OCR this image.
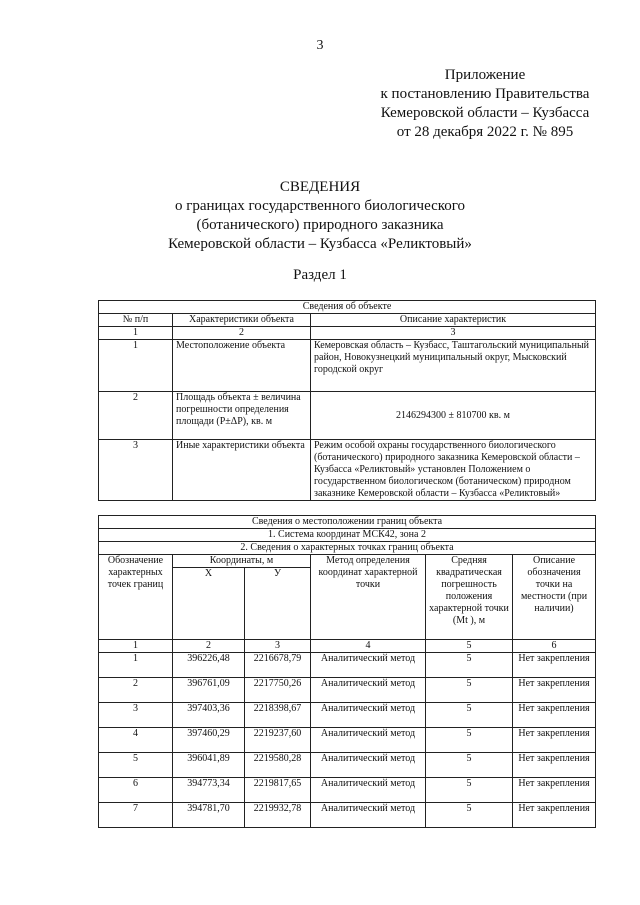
3
Приложение
к постановлению Правительства
Кемеровской области – Кузбасса
от 28 декабря 2022 г. № 895
СВЕДЕНИЯ
о границах государственного биологического
(ботанического) природного заказника
Кемеровской области – Кузбасса «Реликтовый»
Раздел 1
Сведения об объекте		
№ п/п	Характеристики объекта	Описание характеристик
1	2	3
1	Местоположение объекта	Кемеровская область – Кузбасс, Таштагольский муниципальный район, Новокузнецкий муниципальный округ, Мысковский городской округ
2	Площадь объекта ± величина погрешности определения площади (P±ΔP), кв. м	2146294300 ± 810700 кв. м
3	Иные характеристики объекта	Режим особой охраны государственного биологического (ботанического) природного заказника Кемеровской области – Кузбасса «Реликтовый» установлен Положением о государственном биологическом (ботаническом) природном заказнике Кемеровской области – Кузбасса «Реликтовый»
Сведения о местоположении границ объекта					
1. Система координат МСК42, зона 2					
2. Сведения о характерных точках границ объекта					
Обозначение характерных точек границ	Координаты, м		Метод определения координат характерной точки	Средняя квадратическая погрешность положения характерной точки (Mt ), м	Описание обозначения точки на местности (при наличии)
	X	У			
1	2	3	4	5	6
1	396226,48	2216678,79	Аналитический метод	5	Нет закрепления
2	396761,09	2217750,26	Аналитический метод	5	Нет закрепления
3	397403,36	2218398,67	Аналитический метод	5	Нет закрепления
4	397460,29	2219237,60	Аналитический метод	5	Нет закрепления
5	396041,89	2219580,28	Аналитический метод	5	Нет закрепления
6	394773,34	2219817,65	Аналитический метод	5	Нет закрепления
7	394781,70	2219932,78	Аналитический метод	5	Нет закрепления
